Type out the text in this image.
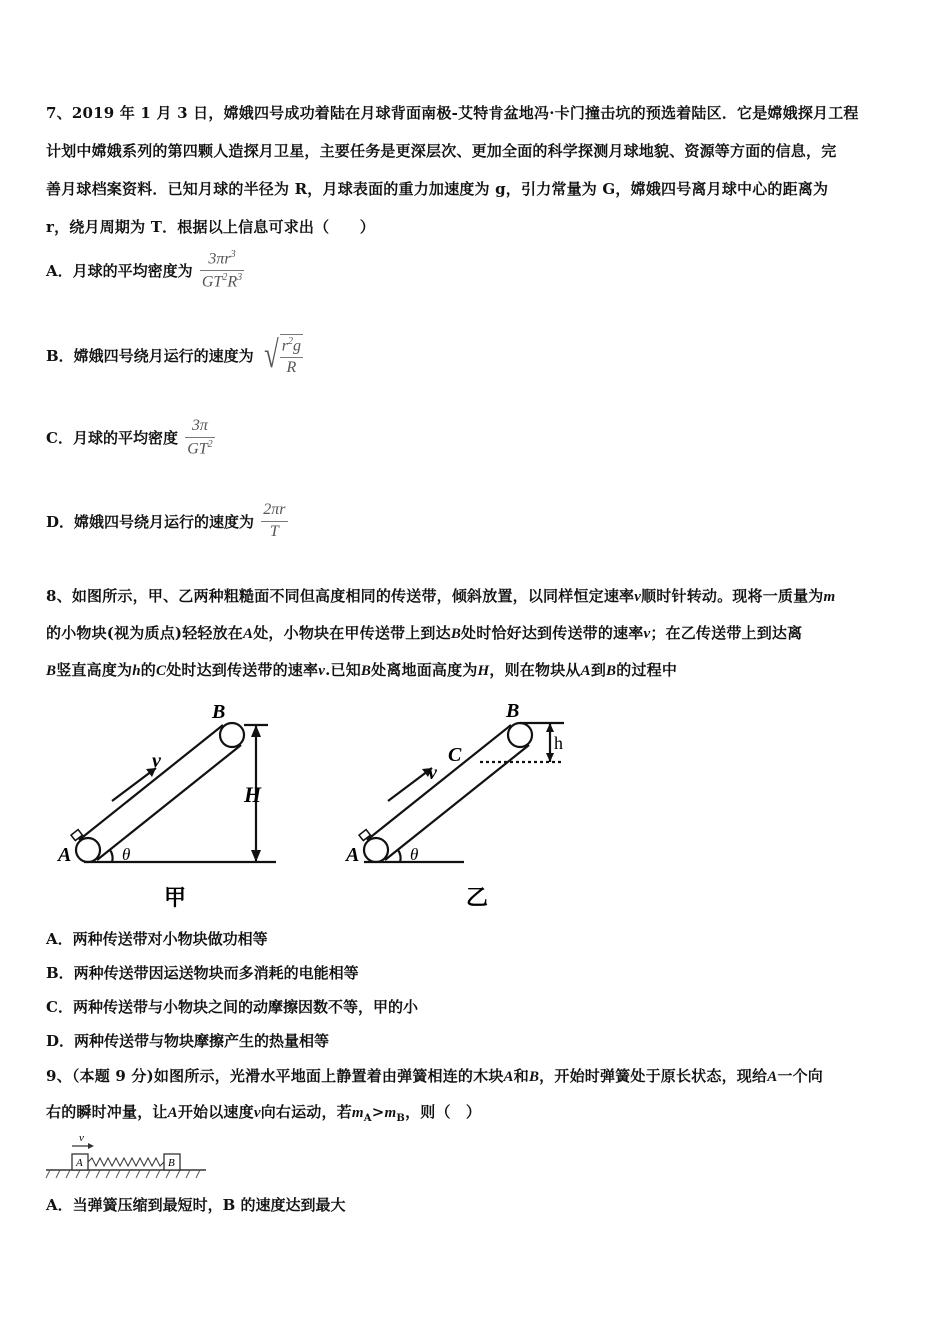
7、2019 年 1 月 3 日，嫦娥四号成功着陆在月球背面南极-艾特肯盆地冯·卡门撞击坑的预选着陆区．它是嫦娥探月工程
计划中嫦娥系列的第四颗人造探月卫星，主要任务是更深层次、更加全面的科学探测月球地貌、资源等方面的信息，完
善月球档案资料．已知月球的半径为 R，月球表面的重力加速度为 g，引力常量为 G，嫦娥四号离月球中心的距离为
r，绕月周期为 T．根据以上信息可求出（　　）
A．月球的平均密度为 $\frac{3\pi r^3}{GT^2R^3}$
B．嫦娥四号绕月运行的速度为 √ $\frac{r^2g}{R}$
C．月球的平均密度 $\frac{3\pi}{GT^2}$
D．嫦娥四号绕月运行的速度为 $\frac{2\pi r}{T}$
8、如图所示，甲、乙两种粗糙面不同但高度相同的传送带，倾斜放置，以同样恒定速率v顺时针转动。现将一质量为m
的小物块(视为质点)轻轻放在A处，小物块在甲传送带上到达B处时恰好达到传送带的速率v；在乙传送带上到达离
B竖直高度为h的C处时达到传送带的速率v.已知B处离地面高度为H，则在物块从A到B的过程中
A
B
v
H
θ
甲
A
B
C
v
h
θ
乙
A．两种传送带对小物块做功相等
B．两种传送带因运送物块而多消耗的电能相等
C．两种传送带与小物块之间的动摩擦因数不等，甲的小
D．两种传送带与物块摩擦产生的热量相等
9、（本题 9 分)如图所示，光滑水平地面上静置着由弹簧相连的木块A和B，开始时弹簧处于原长状态，现给A一个向
右的瞬时冲量，让A开始以速度v向右运动，若$m_A>m_B$，则（　）
v
A	B
A．当弹簧压缩到最短时，B 的速度达到最大
